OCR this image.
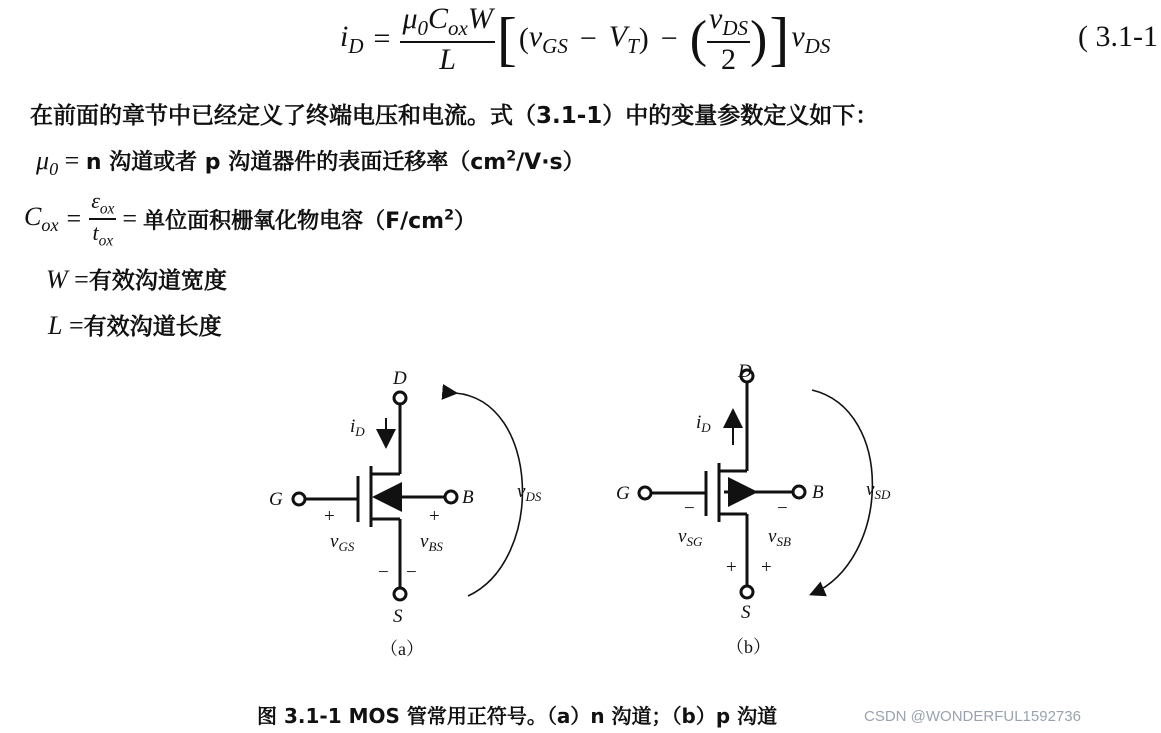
$i_D = \frac{\mu_0C_{ox}W}{L}$ [ ( $v_{GS} - V_T$ ) − ( $\frac{v_{DS}}{2}$ ) ] $v_{DS}$	( 3.1-1
在前面的章节中已经定义了终端电压和电流。式（3.1-1）中的变量参数定义如下：
$\mu_0 = n$ 沟道或者 p 沟道器件的表面迁移率$(cm^2/V\cdot s)$
$C_{ox} = \frac{\varepsilon_{ox}}{t_{ox}}$ = 单位面积栅氧化物电容$(F/cm^2)$
W =有效沟道宽度
L =有效沟道长度
D
G	B
S
$i_D$
$v_{DS}$
$v_{GS}$	$v_{BS}$
+	+
− −
（a）
D
G	B
S
$i_D$
$v_{SD}$
$v_{SG}$	$v_{SB}$
−	−
+ +
（b）
图 3.1-1 MOS 管常用正符号。（a）n 沟道；（b）p 沟道	CSDN @WONDERFUL1592736
